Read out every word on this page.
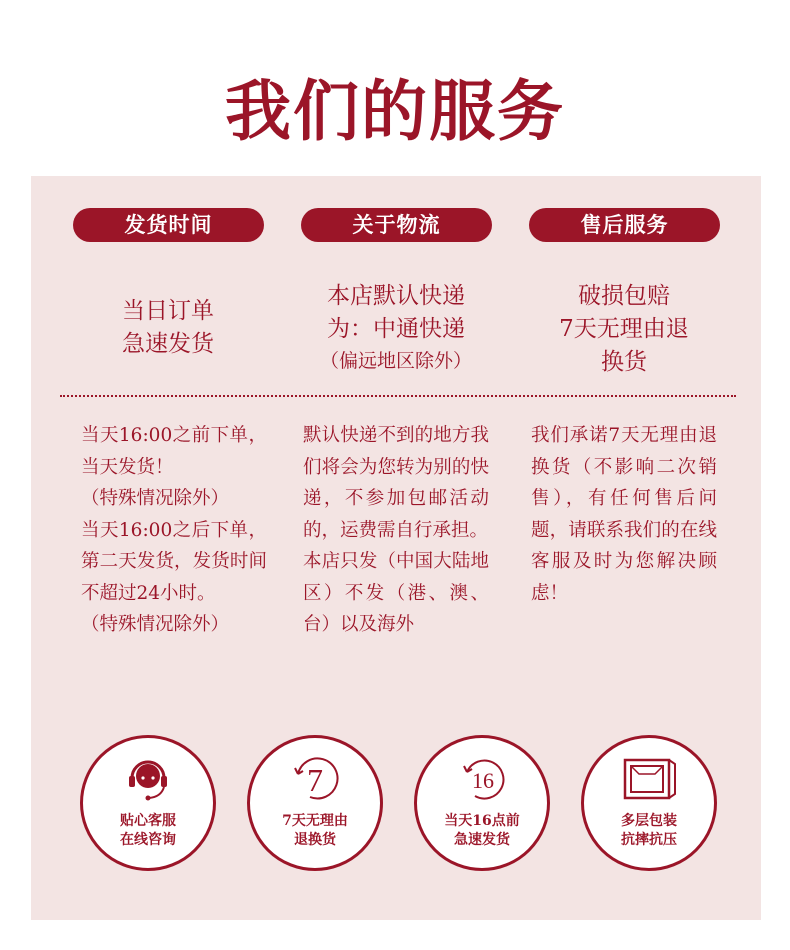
我们的服务
发货时间	关于物流	售后服务
当日订单
急速发货
本店默认快递
为：中通快递
（偏远地区除外）
破损包赔
7天无理由退
换货

当天16:00之前下单，当天发货！

（特殊情况除外）

当天16:00之后下单，第二天发货，发货时间不超过24小时。

（特殊情况除外）

默认快递不到的地方我们将会为您转为别的快递，不参加包邮活动的，运费需自行承担。

本店只发（中国大陆地区）不发（港、澳、台）以及海外

我们承诺7天无理由退换货（不影响二次销售），有任何售后问题，请联系我们的在线客服及时为您解决顾虑！

贴心客服
在线咨询
7
7天无理由
退换货
16
当天16点前
急速发货
多层包装
抗摔抗压
